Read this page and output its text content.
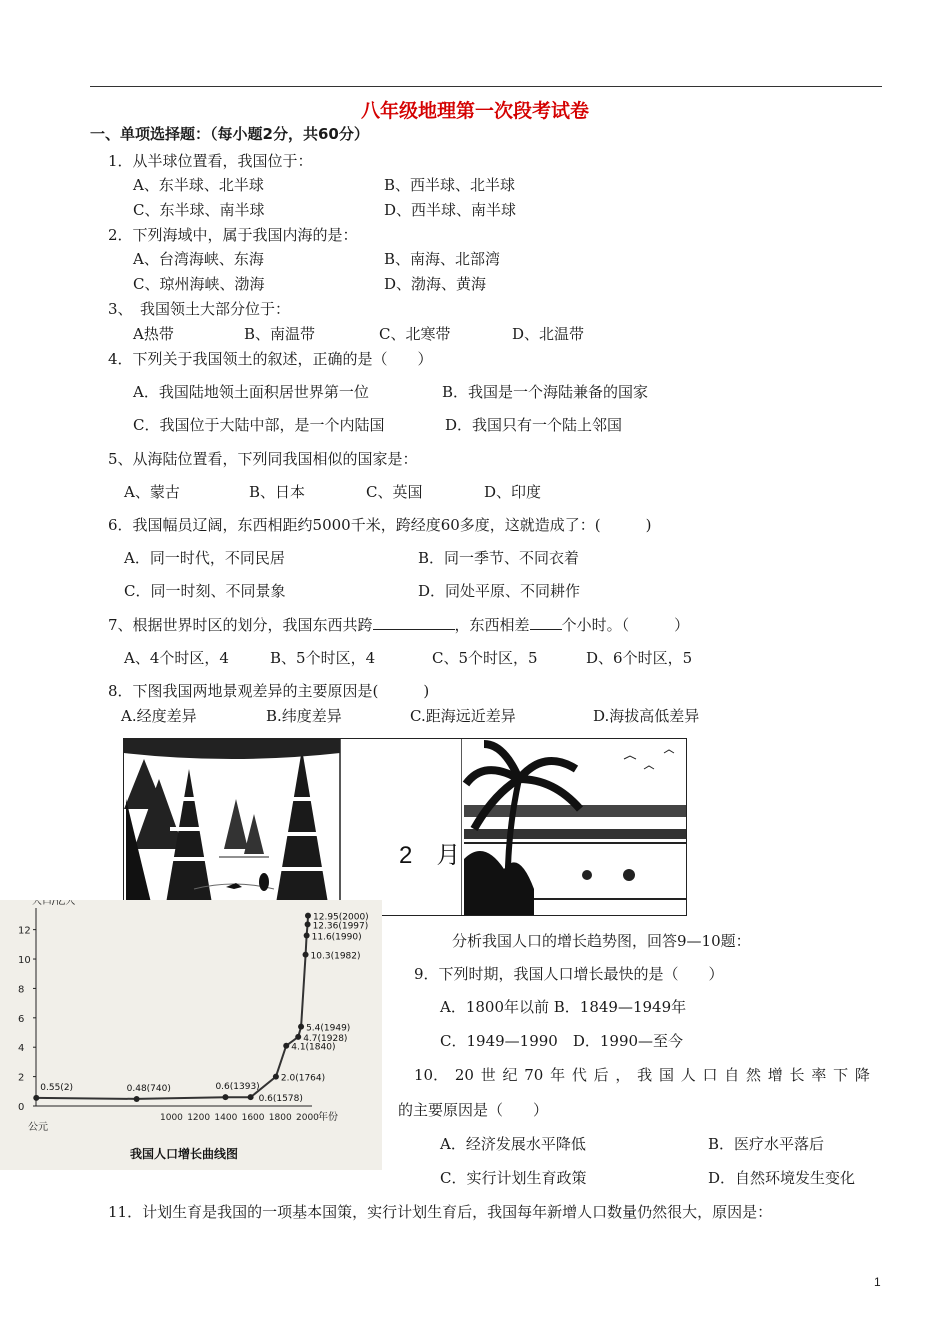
八年级地理第一次段考试卷
一、单项选择题：（每小题2分，共60分）
1．从半球位置看，我国位于：
A、东半球、北半球	B、西半球、北半球
C、东半球、南半球	D、西半球、南半球
2．下列海域中，属于我国内海的是：
A、台湾海峡、东海	B、南海、北部湾
C、琼州海峡、渤海	D、渤海、黄海
3、　我国领土大部分位于：
A热带	B、南温带	C、北寒带	D、北温带
4．下列关于我国领土的叙述，正确的是（　　）
A．我国陆地领土面积居世界第一位	B．我国是一个海陆兼备的国家
C．我国位于大陆中部，是一个内陆国	D．我国只有一个陆上邻国
5、从海陆位置看，下列同我国相似的国家是：
A、蒙古	B、日本	C、英国	D、印度
6．我国幅员辽阔，东西相距约5000千米，跨经度60多度，这就造成了：(　　　)
A．同一时代，不同民居	B．同一季节、不同衣着
C．同一时刻、不同景象	D．同处平原、不同耕作
7、根据世界时区的划分，我国东西共跨	，东西相差 个小时。（　　　）
A、4个时区，4	B、5个时区，4	C、5个时区，5	D、6个时区，5
8．下图我国两地景观差异的主要原因是(　　　)
A.经度差异	B.纬度差异	C.距海远近差异	D.海拔高低差异
2　月
人口/亿人
年份
公元
我国人口增长曲线图
0
2
4
6
8
10
12
1000 1200 1400 1600 1800 2000
0.55(2)	0.48(740)	0.6(1393)
0.6(1578)
2.0(1764)
4.1(1840)
4.7(1928)
5.4(1949)
10.3(1982)
11.6(1990)
12.36(1997)
12.95(2000)
分析我国人口的增长趋势图，回答9—10题：
9．下列时期，我国人口增长最快的是（　　）
A．1800年以前 B．1849—1949年
C．1949—1990　D．1990—至今
10． 20 世 纪 70 年 代 后 ， 我 国 人 口 自 然 增 长 率 下 降
的主要原因是（　　）
A．经济发展水平降低	B．医疗水平落后
C．实行计划生育政策	D．自然环境发生变化
11．计划生育是我国的一项基本国策，实行计划生育后，我国每年新增人口数量仍然很大，原因是：
1
